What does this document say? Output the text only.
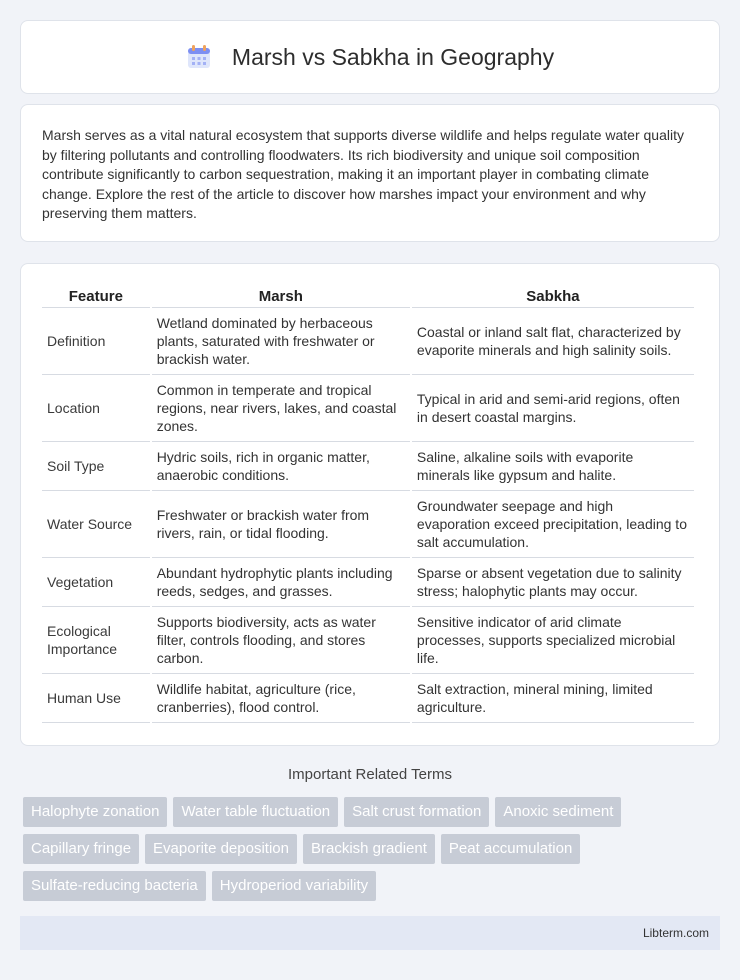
Marsh vs Sabkha in Geography

Marsh serves as a vital natural ecosystem that supports diverse wildlife and helps regulate water quality by filtering pollutants and controlling floodwaters. Its rich biodiversity and unique soil composition contribute significantly to carbon sequestration, making it an important player in combating climate change. Explore the rest of the article to discover how marshes impact your environment and why preserving them matters.

Feature	Marsh	Sabkha
Definition	Wetland dominated by herbaceous plants, saturated with freshwater or brackish water.	Coastal or inland salt flat, characterized by evaporite minerals and high salinity soils.
Location	Common in temperate and tropical regions, near rivers, lakes, and coastal zones.	Typical in arid and semi-arid regions, often in desert coastal margins.
Soil Type	Hydric soils, rich in organic matter, anaerobic conditions.	Saline, alkaline soils with evaporite minerals like gypsum and halite.
Water Source	Freshwater or brackish water from rivers, rain, or tidal flooding.	Groundwater seepage and high evaporation exceed precipitation, leading to salt accumulation.
Vegetation	Abundant hydrophytic plants including reeds, sedges, and grasses.	Sparse or absent vegetation due to salinity stress; halophytic plants may occur.
Ecological Importance	Supports biodiversity, acts as water filter, controls flooding, and stores carbon.	Sensitive indicator of arid climate processes, supports specialized microbial life.
Human Use	Wildlife habitat, agriculture (rice, cranberries), flood control.	Salt extraction, mineral mining, limited agriculture.
Important Related Terms
Halophyte zonation	Water table fluctuation	Salt crust formation	Anoxic sediment
Capillary fringe	Evaporite deposition	Brackish gradient	Peat accumulation
Sulfate-reducing bacteria	Hydroperiod variability
Libterm.com
